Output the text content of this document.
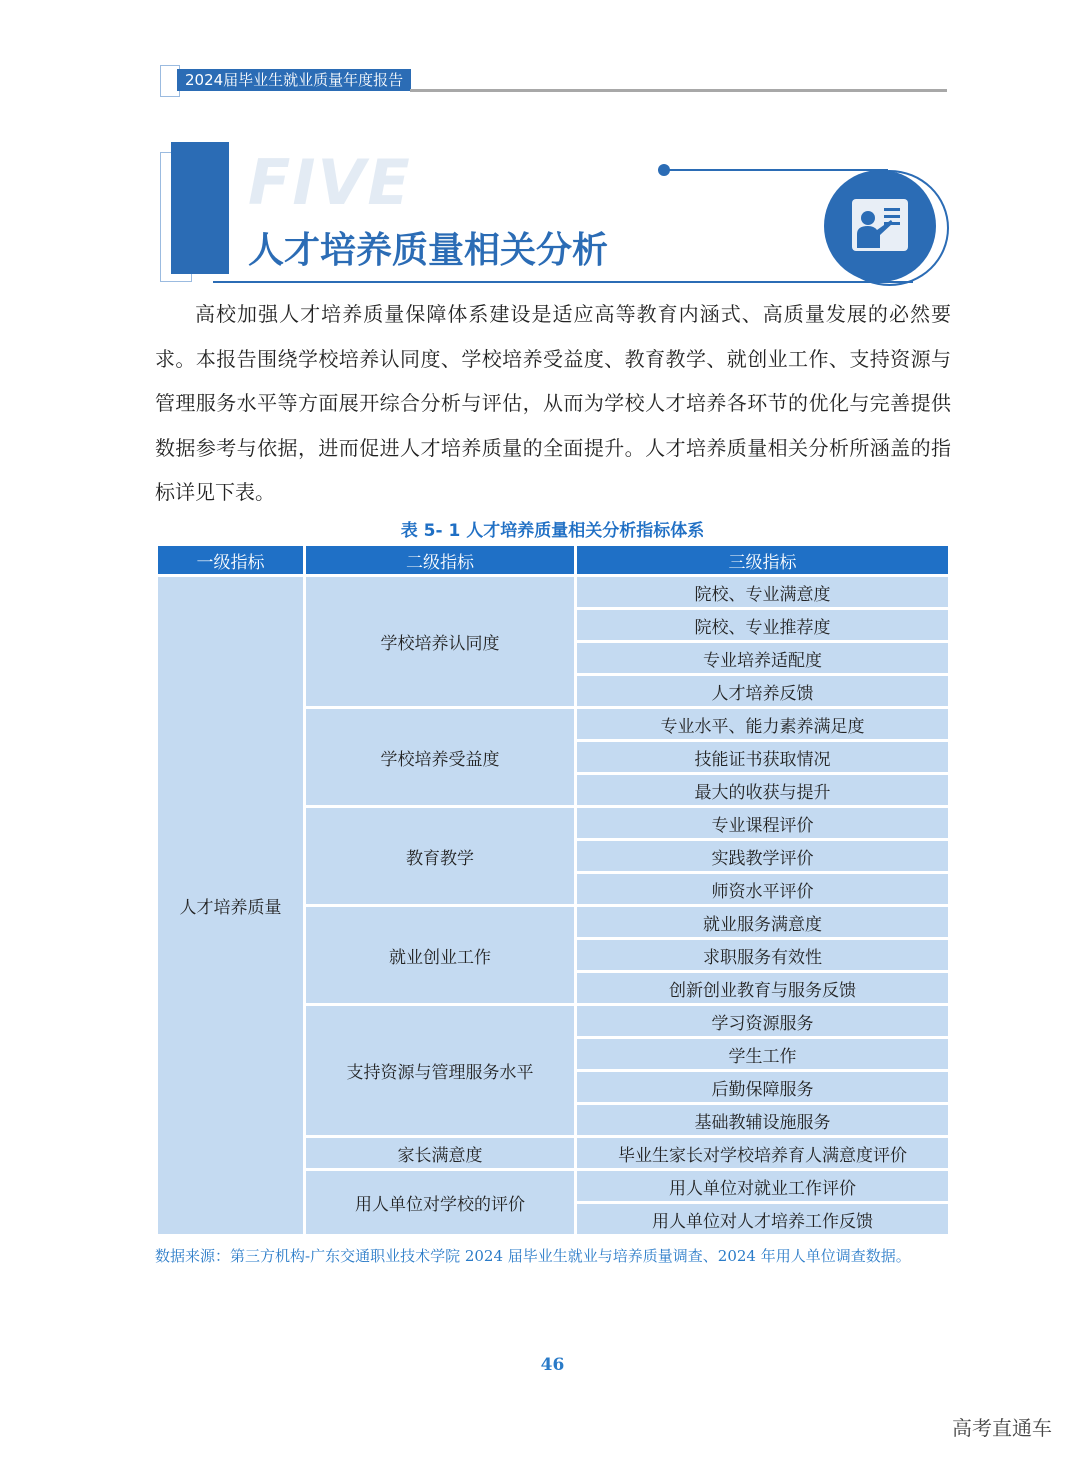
2024届毕业生就业质量年度报告
FIVE
人才培养质量相关分析

高校加强人才培养质量保障体系建设是适应高等教育内涵式、高质量发展的必然要求。本报告围绕学校培养认同度、学校培养受益度、教育教学、就创业工作、支持资源与管理服务水平等方面展开综合分析与评估，从而为学校人才培养各环节的优化与完善提供数据参考与依据，进而促进人才培养质量的全面提升。人才培养质量相关分析所涵盖的指标详见下表。

表 5- 1 人才培养质量相关分析指标体系
一级指标	二级指标	三级指标
人才培养质量	学校培养认同度	院校、专业满意度
		院校、专业推荐度
		专业培养适配度
		人才培养反馈
	学校培养受益度	专业水平、能力素养满足度
		技能证书获取情况
		最大的收获与提升
	教育教学	专业课程评价
		实践教学评价
		师资水平评价
	就业创业工作	就业服务满意度
		求职服务有效性
		创新创业教育与服务反馈
	支持资源与管理服务水平	学习资源服务
		学生工作
		后勤保障服务
		基础教辅设施服务
	家长满意度	毕业生家长对学校培养育人满意度评价
	用人单位对学校的评价	用人单位对就业工作评价
		用人单位对人才培养工作反馈
数据来源：第三方机构-广东交通职业技术学院 2024 届毕业生就业与培养质量调查、2024 年用人单位调查数据。
46
高考直通车
